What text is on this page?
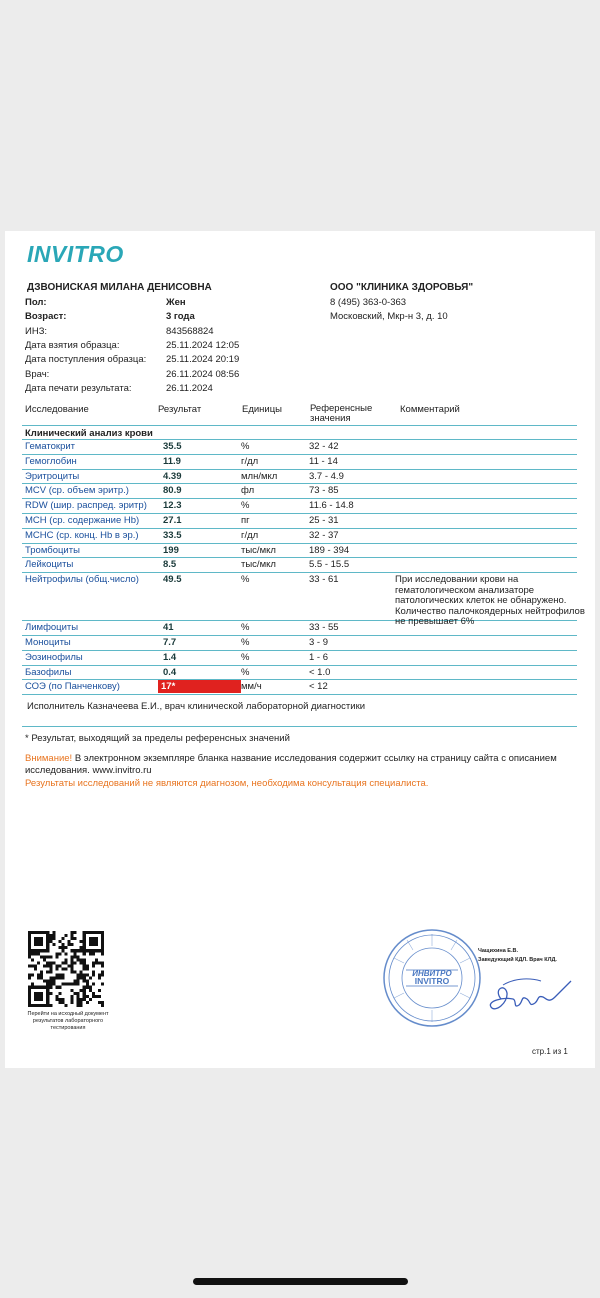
INVITRO
ДЗВОНИСКАЯ МИЛАНА ДЕНИСОВНА	ООО "КЛИНИКА ЗДОРОВЬЯ"
8 (495) 363-0-363
Московский, Мкр-н 3, д. 10
Пол:	Жен
Возраст:	3 года
ИНЗ:	843568824
Дата взятия образца:	25.11.2024 12:05
Дата поступления образца: 25.11.2024 20:19
Врач:	26.11.2024 08:56
Дата печати результата:	26.11.2024
Исследование	Результат	Единицы	Референсные
значения
Комментарий
Клинический анализ крови
Гематокрит	35.5	%	32 - 42
Гемоглобин	11.9	г/дл	11 - 14
Эритроциты	4.39	млн/мкл	3.7 - 4.9
MCV (ср. объем эритр.)	80.9	фл	73 - 85
RDW (шир. распред. эритр) 12.3	%	11.6 - 14.8
MCH (ср. содержание Hb)	27.1	пг	25 - 31
MCHC (ср. конц. Hb в эр.)	33.5	г/дл	32 - 37
Тромбоциты	199	тыс/мкл	189 - 394
Лейкоциты	8.5	тыс/мкл	5.5 - 15.5
Нейтрофилы (общ.число)	49.5	%	33 - 61	При исследовании крови на гематологическом анализаторе патологических клеток не обнаружено. Количество палочкоядерных нейтрофилов не превышает 6%
Лимфоциты	41	%	33 - 55
Моноциты	7.7	%	3 - 9
Эозинофилы	1.4	%	1 - 6
Базофилы	0.4	%	< 1.0
СОЭ (по Панченкову)	17*	мм/ч	< 12
Исполнитель Казначеева Е.И., врач клинической лабораторной диагностики
* Результат, выходящий за пределы референсных значений
Внимание! В электронном экземпляре бланка название исследования содержит ссылку на страницу сайта с описанием исследования. www.invitro.ru
Результаты исследований не являются диагнозом, необходима консультация специалиста.
Перейти на исходный документ результатов лабораторного тестирования
ИНВИТРО
INVITRO
Чащихина Е.В.
Заведующий КДЛ. Врач КЛД.
стр.1 из 1
